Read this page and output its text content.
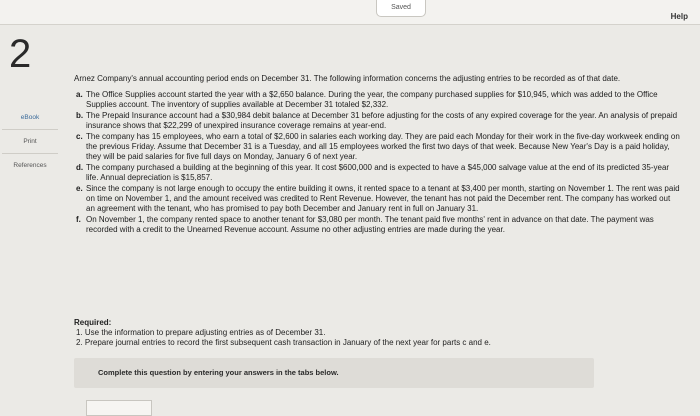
Saved
Help
2
eBook
Print
References

Arnez Company's annual accounting period ends on December 31. The following information concerns the adjusting entries to be recorded as of that date.

a. The Office Supplies account started the year with a $2,650 balance. During the year, the company purchased supplies for $10,945, which was added to the Office Supplies account. The inventory of supplies available at December 31 totaled $2,332.
b. The Prepaid Insurance account had a $30,984 debit balance at December 31 before adjusting for the costs of any expired coverage for the year. An analysis of prepaid insurance shows that $22,299 of unexpired insurance coverage remains at year-end.
c. The company has 15 employees, who earn a total of $2,600 in salaries each working day. They are paid each Monday for their work in the five-day workweek ending on the previous Friday. Assume that December 31 is a Tuesday, and all 15 employees worked the first two days of that week. Because New Year's Day is a paid holiday, they will be paid salaries for five full days on Monday, January 6 of next year.
d. The company purchased a building at the beginning of this year. It cost $600,000 and is expected to have a $45,000 salvage value at the end of its predicted 35-year life. Annual depreciation is $15,857.
e. Since the company is not large enough to occupy the entire building it owns, it rented space to a tenant at $3,400 per month, starting on November 1. The rent was paid on time on November 1, and the amount received was credited to Rent Revenue. However, the tenant has not paid the December rent. The company has worked out an agreement with the tenant, who has promised to pay both December and January rent in full on January 31.
f. On November 1, the company rented space to another tenant for $3,080 per month. The tenant paid five months' rent in advance on that date. The payment was recorded with a credit to the Unearned Revenue account. Assume no other adjusting entries are made during the year.
Required:
1. Use the information to prepare adjusting entries as of December 31.
2. Prepare journal entries to record the first subsequent cash transaction in January of the next year for parts c and e.
Complete this question by entering your answers in the tabs below.
